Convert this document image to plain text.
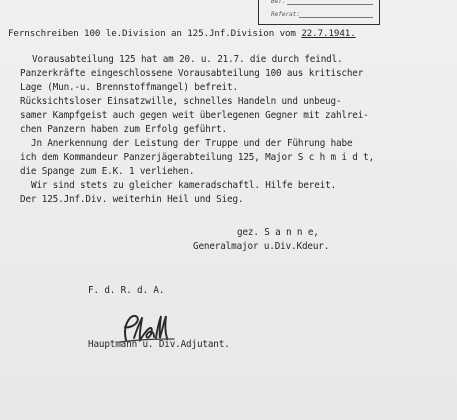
Bef.
Referat:
Fernschreiben 100 le.Division an 125.Jnf.Division vom 22.7.1941.
Vorausabteilung 125 hat am 20. u. 21.7. die durch feindl.
Panzerkräfte eingeschlossene Vorausabteilung 100 aus kritischer
Lage (Mun.-u. Brennstoffmangel) befreit.
Rücksichtsloser Einsatzwille, schnelles Handeln und unbeug-
samer Kampfgeist auch gegen weit überlegenen Gegner mit zahlrei-
chen Panzern haben zum Erfolg geführt.
Jn Anerkennung der Leistung der Truppe und der Führung habe
ich dem Kommandeur Panzerjägerabteilung 125, Major S c h m i d t,
die Spange zum E.K. 1 verliehen.
Wir sind stets zu gleicher kameradschaftl. Hilfe bereit.
Der 125.Jnf.Div. weiterhin Heil und Sieg.
gez. S a n n e,
Generalmajor u.Div.Kdeur.
F. d. R. d. A.
Hauptmann u. Div.Adjutant.
